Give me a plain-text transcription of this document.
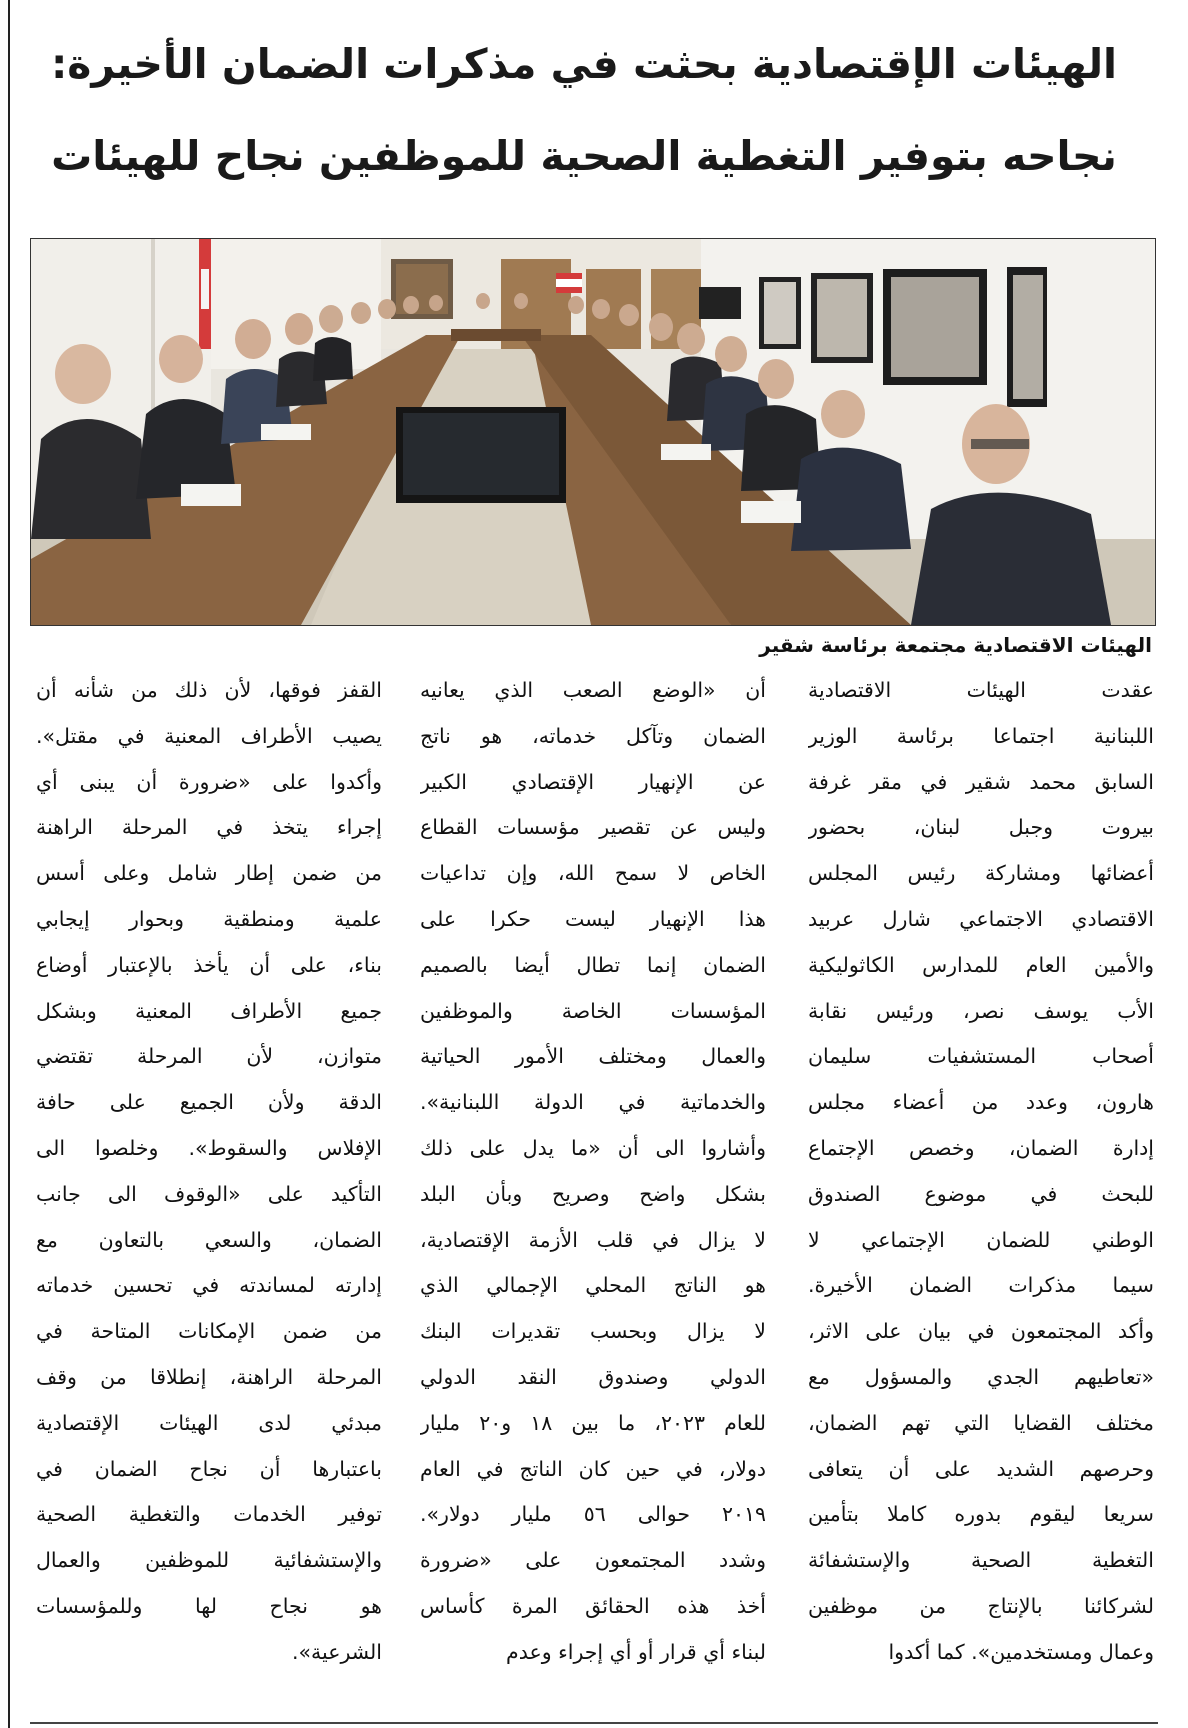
الهيئات الإقتصادية بحثت في مذكرات الضمان الأخيرة:
نجاحه بتوفير التغطية الصحية للموظفين نجاح للهيئات
الهيئات الاقتصادية مجتمعة برئاسة شقير
عقدت الهيئات الاقتصادية
اللبنانية اجتماعا برئاسة الوزير
السابق محمد شقير في مقر غرفة
بيروت وجبل لبنان، بحضور
أعضائها ومشاركة رئيس المجلس
الاقتصادي الاجتماعي شارل عربيد
والأمين العام للمدارس الكاثوليكية
الأب يوسف نصر، ورئيس نقابة
أصحاب المستشفيات سليمان
هارون، وعدد من أعضاء مجلس
إدارة الضمان، وخصص الإجتماع
للبحث في موضوع الصندوق
الوطني للضمان الإجتماعي لا
سيما مذكرات الضمان الأخيرة.
وأكد المجتمعون في بيان على الاثر،
«تعاطيهم الجدي والمسؤول مع
مختلف القضايا التي تهم الضمان،
وحرصهم الشديد على أن يتعافى
سريعا ليقوم بدوره كاملا بتأمين
التغطية الصحية والإستشفائة
لشركائنا بالإنتاج من موظفين
وعمال ومستخدمين». كما أكدوا
أن «الوضع الصعب الذي يعانيه
الضمان وتآكل خدماته، هو ناتج
عن الإنهيار الإقتصادي الكبير
وليس عن تقصير مؤسسات القطاع
الخاص لا سمح الله، وإن تداعيات
هذا الإنهيار ليست حكرا على
الضمان إنما تطال أيضا بالصميم
المؤسسات الخاصة والموظفين
والعمال ومختلف الأمور الحياتية
والخدماتية في الدولة اللبنانية».
وأشاروا الى أن «ما يدل على ذلك
بشكل واضح وصريح وبأن البلد
لا يزال في قلب الأزمة الإقتصادية،
هو الناتج المحلي الإجمالي الذي
لا يزال وبحسب تقديرات البنك
الدولي وصندوق النقد الدولي
للعام ٢٠٢٣، ما بين ١٨ و٢٠ مليار
دولار، في حين كان الناتج في العام
٢٠١٩ حوالى ٥٦ مليار دولار».
وشدد المجتمعون على «ضرورة
أخذ هذه الحقائق المرة كأساس
لبناء أي قرار أو أي إجراء وعدم
القفز فوقها، لأن ذلك من شأنه أن
يصيب الأطراف المعنية في مقتل».
وأكدوا على «ضرورة أن يبنى أي
إجراء يتخذ في المرحلة الراهنة
من ضمن إطار شامل وعلى أسس
علمية ومنطقية وبحوار إيجابي
بناء، على أن يأخذ بالإعتبار أوضاع
جميع الأطراف المعنية وبشكل
متوازن، لأن المرحلة تقتضي
الدقة ولأن الجميع على حافة
الإفلاس والسقوط». وخلصوا الى
التأكيد على «الوقوف الى جانب
الضمان، والسعي بالتعاون مع
إدارته لمساندته في تحسين خدماته
من ضمن الإمكانات المتاحة في
المرحلة الراهنة، إنطلاقا من وقف
مبدئي لدى الهيئات الإقتصادية
باعتبارها أن نجاح الضمان في
توفير الخدمات والتغطية الصحية
والإستشفائية للموظفين والعمال
هو نجاح لها وللمؤسسات
الشرعية».
